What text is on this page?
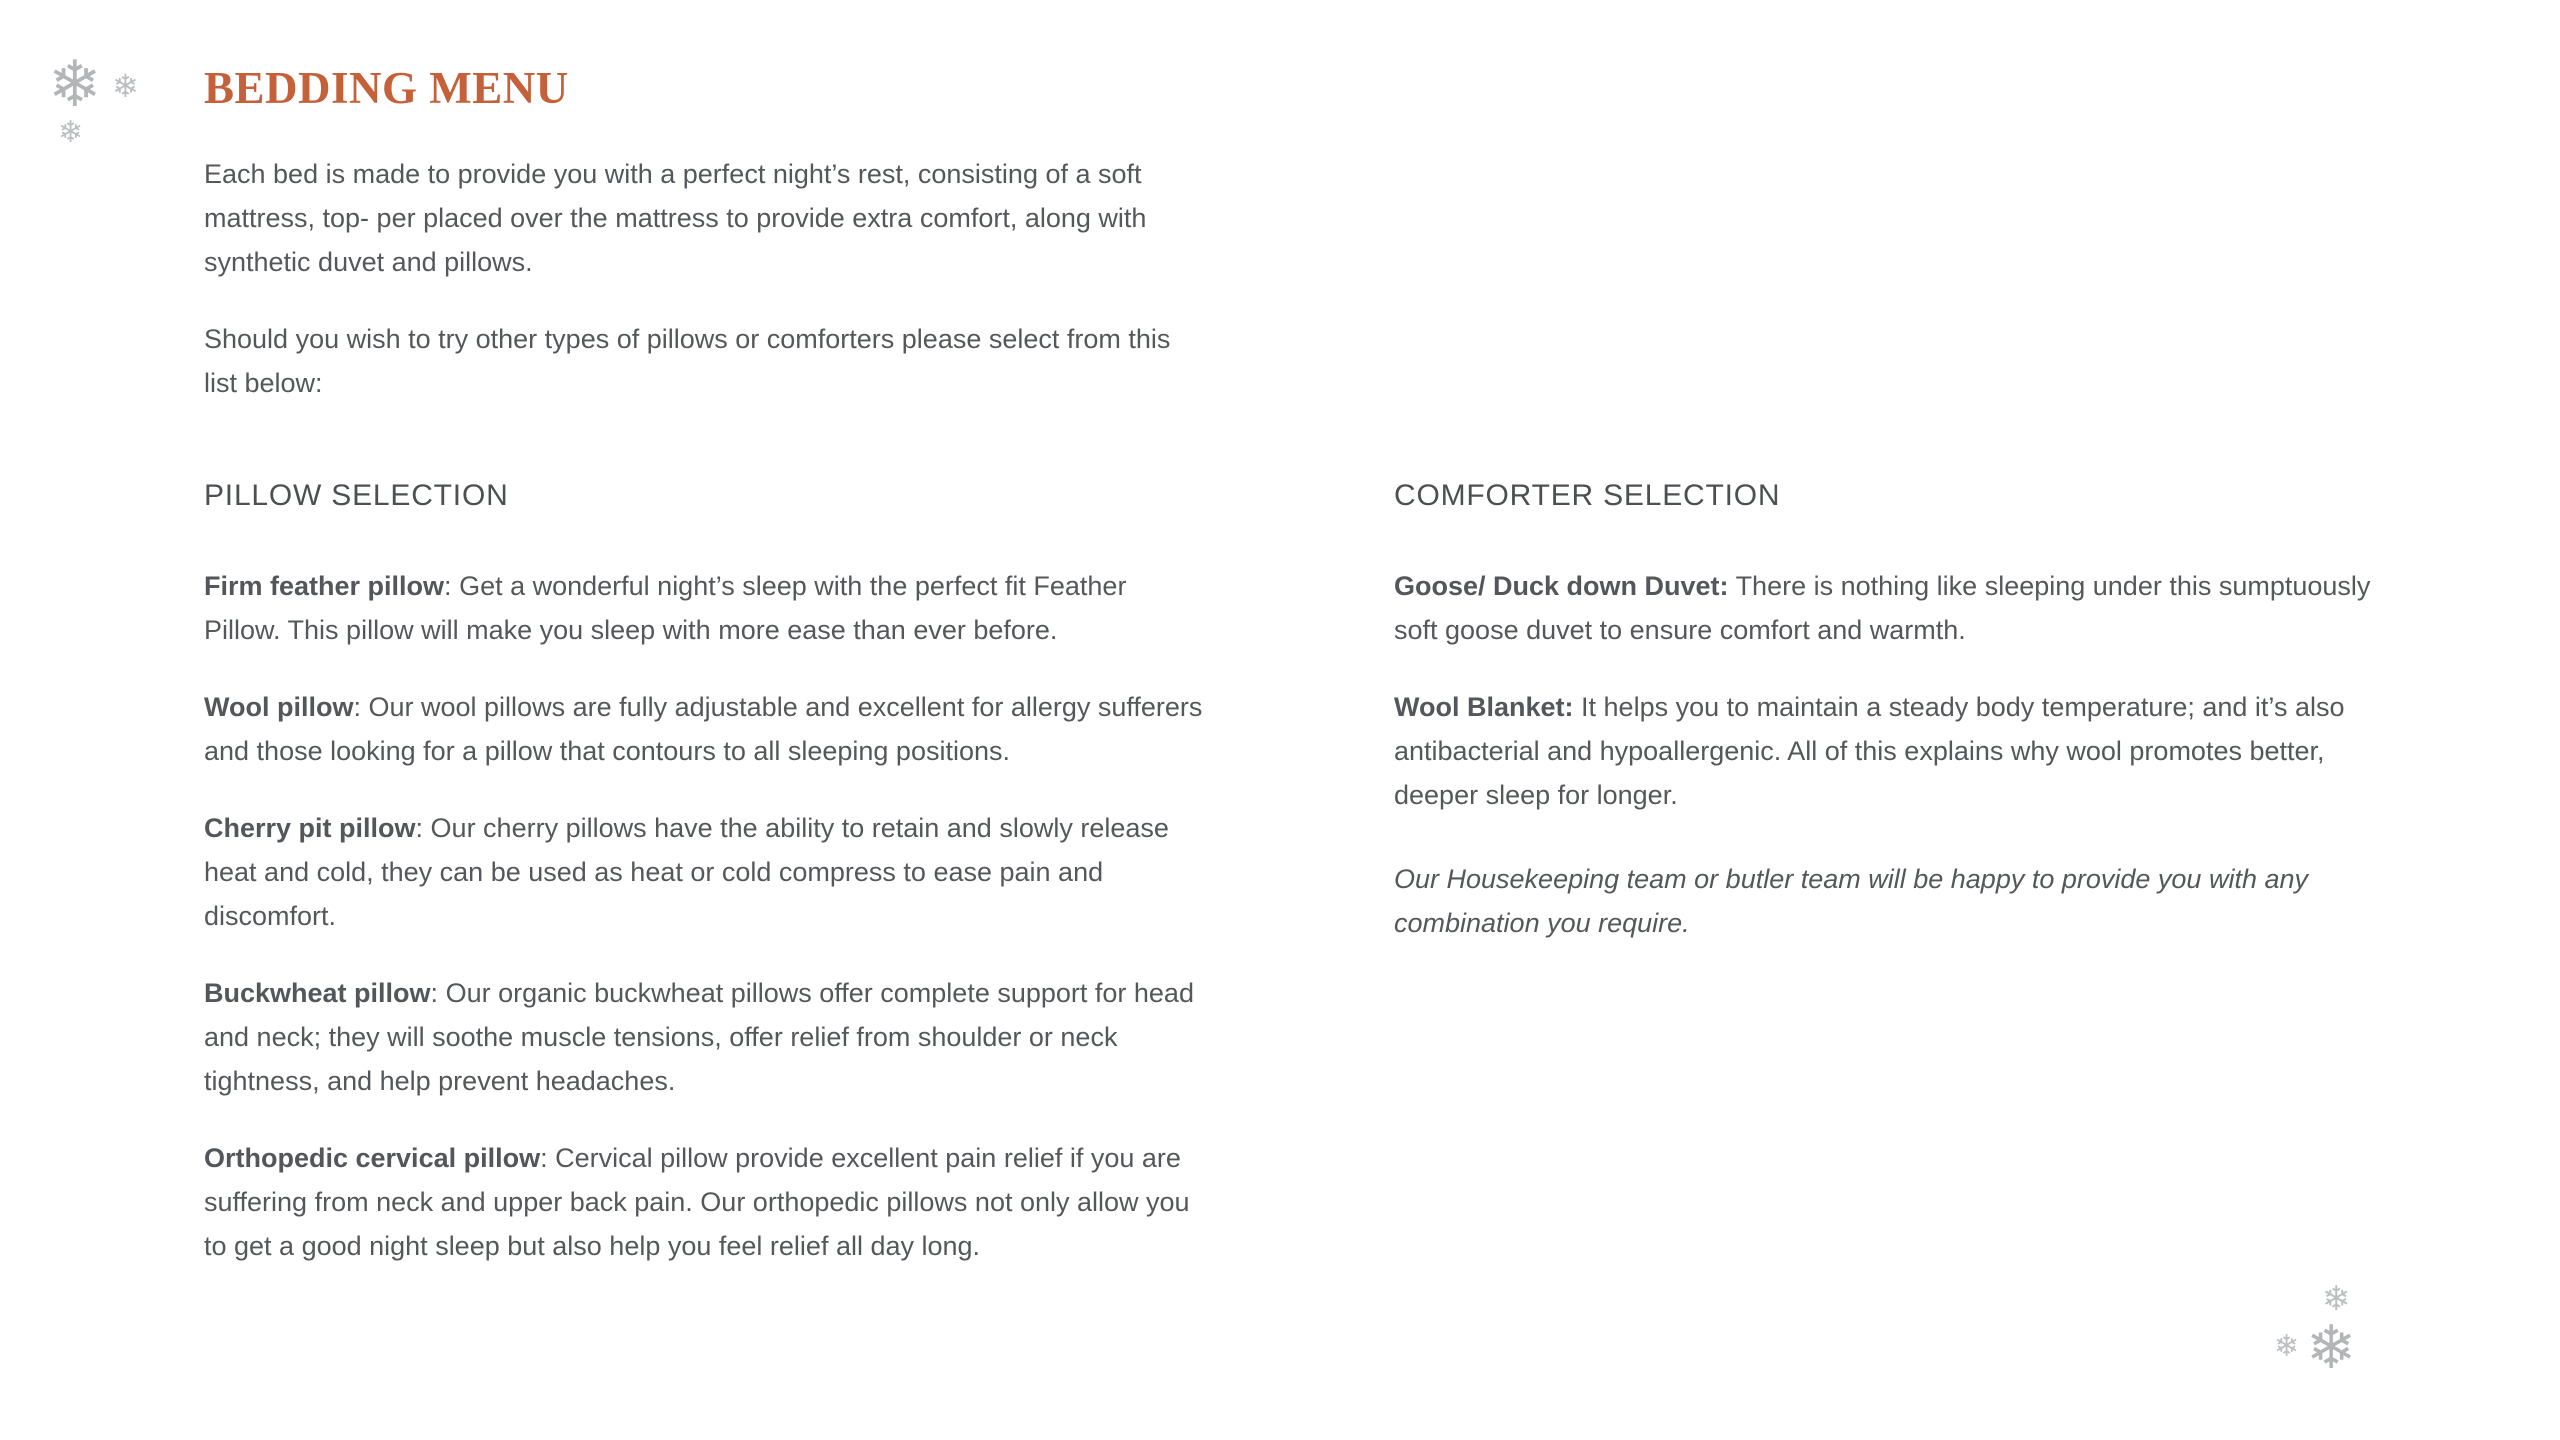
❄ ❄
❄
BEDDING MENU

Each bed is made to provide you with a perfect night’s rest, consisting of a soft mattress, top- per placed over the mattress to provide extra comfort, along with synthetic duvet and pillows.

Should you wish to try other types of pillows or comforters please select from this list below:

PILLOW SELECTION

Firm feather pillow: Get a wonderful night’s sleep with the perfect fit Feather Pillow. This pillow will make you sleep with more ease than ever before.

Wool pillow: Our wool pillows are fully adjustable and excellent for allergy sufferers and those looking for a pillow that contours to all sleeping positions.

Cherry pit pillow: Our cherry pillows have the ability to retain and slowly release heat and cold, they can be used as heat or cold compress to ease pain and discomfort.

Buckwheat pillow: Our organic buckwheat pillows offer complete support for head and neck; they will soothe muscle tensions, offer relief from shoulder or neck tightness, and help prevent headaches.

Orthopedic cervical pillow: Cervical pillow provide excellent pain relief if you are suffering from neck and upper back pain. Our orthopedic pillows not only allow you to get a good night sleep but also help you feel relief all day long.

COMFORTER SELECTION

Goose/ Duck down Duvet: There is nothing like sleeping under this sumptuously soft goose duvet to ensure comfort and warmth.

Wool Blanket: It helps you to maintain a steady body temperature; and it’s also antibacterial and hypoallergenic. All of this explains why wool promotes better, deeper sleep for longer.

Our Housekeeping team or butler team will be happy to provide you with any combination you require.

❄
❄ ❄
